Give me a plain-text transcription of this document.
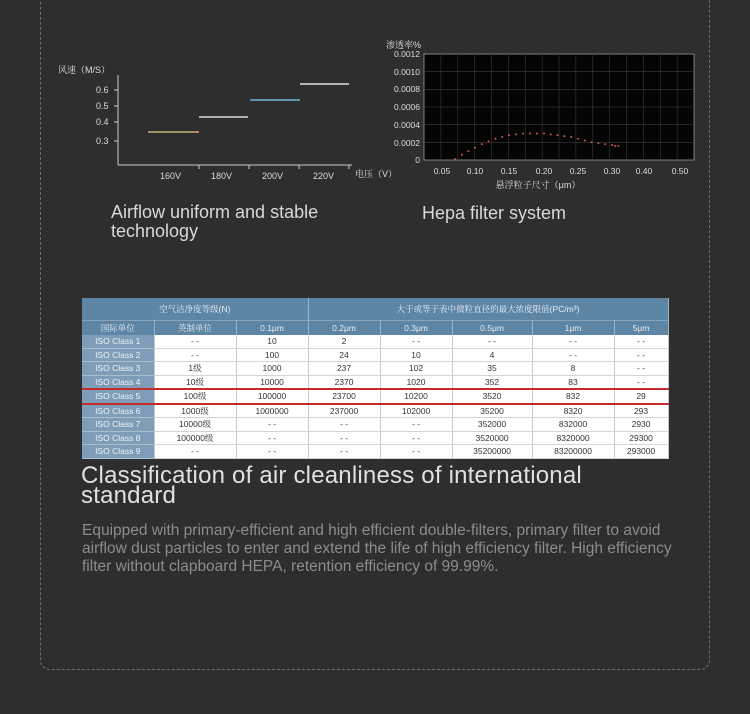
风速（M/S）
0.6
0.5
0.4
0.3
160V	180V	200V	220V 电压（V）
渗透率%
0.0012
0.0010
0.0008
0.0006
0.0004
0.0002
0
0.05 0.10 0.15 0.20 0.25 0.30 0.40 0.50
悬浮粒子尺寸（μm）
Airflow uniform and stable technology
Hepa filter system
空气洁净度等级(N)			大于或等于表中微粒直径的最大浓度限值(PC/m³)				
国际单位	英制单位	0.1μm	0.2μm	0.3μm	0.5μm	1μm	5μm
ISO Class 1	- -	10	2	- -	- -	- -	- -
ISO Class 2	- -	100	24	10	4	- -	- -
ISO Class 3	1级	1000	237	102	35	8	- -
ISO Class 4	10级	10000	2370	1020	352	83	- -
ISO Class 5	100级	100000	23700	10200	3520	832	29
ISO Class 6	1000级	1000000	237000	102000	35200	8320	293
ISO Class 7	10000级	- -	- -	- -	352000	832000	2930
ISO Class 8	100000级	- -	- -	- -	3520000	8320000	29300
ISO Class 9	- -	- -	- -	- -	35200000	83200000	293000
Classification of air cleanliness of international standard
Equipped with primary-efficient and high efficient double-filters, primary filter to avoid airflow dust particles to enter and extend the life of high efficiency filter. High efficiency filter without clapboard HEPA, retention efficiency of 99.99%.
